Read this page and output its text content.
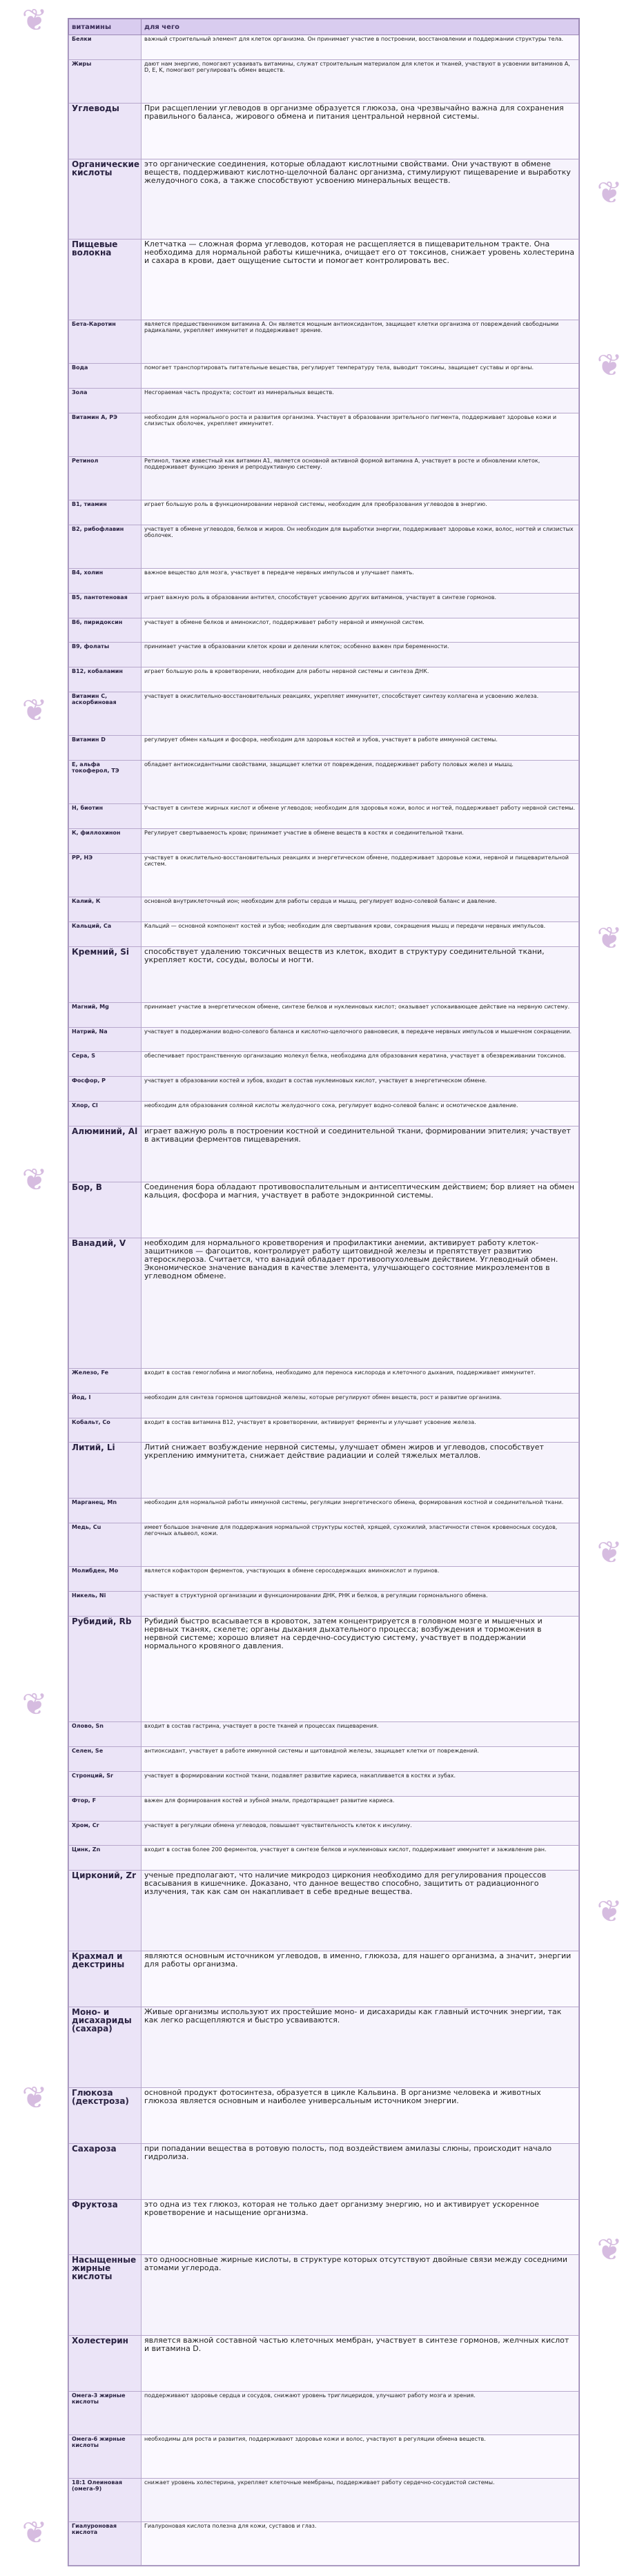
❦
❦
❦
❦
❦
❦
❦
❦
❦
❦
❦
❦
витамины	для чего
Белки	важный строительный элемент для клеток организма. Он принимает участие в построении, восстановлении и поддержании структуры тела.
Жиры	дают нам энергию, помогают усваивать витамины, служат строительным материалом для клеток и тканей, участвуют в усвоении витаминов A, D, E, K, помогают регулировать обмен веществ.
Углеводы	При расщеплении углеводов в организме образуется глюкоза, она чрезвычайно важна для сохранения правильного баланса, жирового обмена и питания центральной нервной системы.
Органические кислоты	это органические соединения, которые обладают кислотными свойствами. Они участвуют в обмене веществ, поддерживают кислотно-щелочной баланс организма, стимулируют пищеварение и выработку желудочного сока, а также способствуют усвоению минеральных веществ.
Пищевые волокна	Клетчатка — сложная форма углеводов, которая не расщепляется в пищеварительном тракте. Она необходима для нормальной работы кишечника, очищает его от токсинов, снижает уровень холестерина и сахара в крови, дает ощущение сытости и помогает контролировать вес.
Бета-Каротин	является предшественником витамина А. Он является мощным антиоксидантом, защищает клетки организма от повреждений свободными радикалами, укрепляет иммунитет и поддерживает зрение.
Вода	помогает транспортировать питательные вещества, регулирует температуру тела, выводит токсины, защищает суставы и органы.
Зола	Несгораемая часть продукта; состоит из минеральных веществ.
Витамин А, РЭ	необходим для нормального роста и развития организма. Участвует в образовании зрительного пигмента, поддерживает здоровье кожи и слизистых оболочек, укрепляет иммунитет.
Ретинол	Ретинол, также известный как витамин А1, является основной активной формой витамина А, участвует в росте и обновлении клеток, поддерживает функцию зрения и репродуктивную систему.
В1, тиамин	играет большую роль в функционировании нервной системы, необходим для преобразования углеводов в энергию.
В2, рибофлавин	участвует в обмене углеводов, белков и жиров. Он необходим для выработки энергии, поддерживает здоровье кожи, волос, ногтей и слизистых оболочек.
В4, холин	важное вещество для мозга, участвует в передаче нервных импульсов и улучшает память.
В5, пантотеновая	играет важную роль в образовании антител, способствует усвоению других витаминов, участвует в синтезе гормонов.
В6, пиридоксин	участвует в обмене белков и аминокислот, поддерживает работу нервной и иммунной систем.
В9, фолаты	принимает участие в образовании клеток крови и делении клеток; особенно важен при беременности.
В12, кобаламин	играет большую роль в кроветворении, необходим для работы нервной системы и синтеза ДНК.
Витамин С, аскорбиновая	участвует в окислительно-восстановительных реакциях, укрепляет иммунитет, способствует синтезу коллагена и усвоению железа.
Витамин D	регулирует обмен кальция и фосфора, необходим для здоровья костей и зубов, участвует в работе иммунной системы.
Е, альфа токоферол, ТЭ	обладает антиоксидантными свойствами, защищает клетки от повреждения, поддерживает работу половых желез и мышц.
Н, биотин	Участвует в синтезе жирных кислот и обмене углеводов; необходим для здоровья кожи, волос и ногтей, поддерживает работу нервной системы.
К, филлохинон	Регулирует свертываемость крови; принимает участие в обмене веществ в костях и соединительной ткани.
РР, НЭ	участвует в окислительно-восстановительных реакциях и энергетическом обмене, поддерживает здоровье кожи, нервной и пищеварительной систем.
Калий, К	основной внутриклеточный ион; необходим для работы сердца и мышц, регулирует водно-солевой баланс и давление.
Кальций, Са	Кальций — основной компонент костей и зубов; необходим для свертывания крови, сокращения мышц и передачи нервных импульсов.
Кремний, Si	способствует удалению токсичных веществ из клеток, входит в структуру соединительной ткани, укрепляет кости, сосуды, волосы и ногти.
Магний, Mg	принимает участие в энергетическом обмене, синтезе белков и нуклеиновых кислот; оказывает успокаивающее действие на нервную систему.
Натрий, Na	участвует в поддержании водно-солевого баланса и кислотно-щелочного равновесия, в передаче нервных импульсов и мышечном сокращении.
Сера, S	обеспечивает пространственную организацию молекул белка, необходима для образования кератина, участвует в обезвреживании токсинов.
Фосфор, Р	участвует в образовании костей и зубов, входит в состав нуклеиновых кислот, участвует в энергетическом обмене.
Хлор, Cl	необходим для образования соляной кислоты желудочного сока, регулирует водно-солевой баланс и осмотическое давление.
Алюминий, Al	играет важную роль в построении костной и соединительной ткани, формировании эпителия; участвует в активации ферментов пищеварения.
Бор, В	Соединения бора обладают противовоспалительным и антисептическим действием; бор влияет на обмен кальция, фосфора и магния, участвует в работе эндокринной системы.
Ванадий, V	необходим для нормального кроветворения и профилактики анемии, активирует работу клеток-защитников — фагоцитов, контролирует работу щитовидной железы и препятствует развитию атеросклероза. Считается, что ванадий обладает противоопухолевым действием. Углеводный обмен. Экономическое значение ванадия в качестве элемента, улучшающего состояние микроэлементов в углеводном обмене.
Железо, Fe	входит в состав гемоглобина и миоглобина, необходимо для переноса кислорода и клеточного дыхания, поддерживает иммунитет.
Йод, I	необходим для синтеза гормонов щитовидной железы, которые регулируют обмен веществ, рост и развитие организма.
Кобальт, Со	входит в состав витамина В12, участвует в кроветворении, активирует ферменты и улучшает усвоение железа.
Литий, Li	Литий снижает возбуждение нервной системы, улучшает обмен жиров и углеводов, способствует укреплению иммунитета, снижает действие радиации и солей тяжелых металлов.
Марганец, Mn	необходим для нормальной работы иммунной системы, регуляции энергетического обмена, формирования костной и соединительной ткани.
Медь, Cu	имеет большое значение для поддержания нормальной структуры костей, хрящей, сухожилий, эластичности стенок кровеносных сосудов, легочных альвеол, кожи.
Молибден, Мо	является кофактором ферментов, участвующих в обмене серосодержащих аминокислот и пуринов.
Никель, Ni	участвует в структурной организации и функционировании ДНК, РНК и белков, в регуляции гормонального обмена.
Рубидий, Rb	Рубидий быстро всасывается в кровоток, затем концентрируется в головном мозге и мышечных и нервных тканях, скелете; органы дыхания дыхательного процесса; возбуждения и торможения в нервной системе; хорошо влияет на сердечно-сосудистую систему, участвует в поддержании нормального кровяного давления.
Олово, Sn	входит в состав гастрина, участвует в росте тканей и процессах пищеварения.
Селен, Se	антиоксидант, участвует в работе иммунной системы и щитовидной железы, защищает клетки от повреждений.
Стронций, Sr	участвует в формировании костной ткани, подавляет развитие кариеса, накапливается в костях и зубах.
Фтор, F	важен для формирования костей и зубной эмали, предотвращает развитие кариеса.
Хром, Cr	участвует в регуляции обмена углеводов, повышает чувствительность клеток к инсулину.
Цинк, Zn	входит в состав более 200 ферментов, участвует в синтезе белков и нуклеиновых кислот, поддерживает иммунитет и заживление ран.
Цирконий, Zr	ученые предполагают, что наличие микродоз циркония необходимо для регулирования процессов всасывания в кишечнике. Доказано, что данное вещество способно, защитить от радиационного излучения, так как сам он накапливает в себе вредные вещества.
Крахмал и декстрины	являются основным источником углеводов, в именно, глюкоза, для нашего организма, а значит, энергии для работы организма.
Моно- и дисахариды (сахара)	Живые организмы используют их простейшие моно- и дисахариды как главный источник энергии, так как легко расщепляются и быстро усваиваются.
Глюкоза (декстроза)	основной продукт фотосинтеза, образуется в цикле Кальвина. В организме человека и животных глюкоза является основным и наиболее универсальным источником энергии.
Сахароза	при попадании вещества в ротовую полость, под воздействием амилазы слюны, происходит начало гидролиза.
Фруктоза	это одна из тех глюкоз, которая не только дает организму энергию, но и активирует ускоренное кроветворение и насыщение организма.
Насыщенные жирные кислоты	это одноосновные жирные кислоты, в структуре которых отсутствуют двойные связи между соседними атомами углерода.
Холестерин	является важной составной частью клеточных мембран, участвует в синтезе гормонов, желчных кислот и витамина D.
Омега-3 жирные кислоты	поддерживают здоровье сердца и сосудов, снижают уровень триглицеридов, улучшают работу мозга и зрения.
Омега-6 жирные кислоты	необходимы для роста и развития, поддерживают здоровье кожи и волос, участвуют в регуляции обмена веществ.
18:1 Олеиновая (омега-9)	снижает уровень холестерина, укрепляет клеточные мембраны, поддерживает работу сердечно-сосудистой системы.
Гиалуроновая кислота	Гиалуроновая кислота полезна для кожи, суставов и глаз.
